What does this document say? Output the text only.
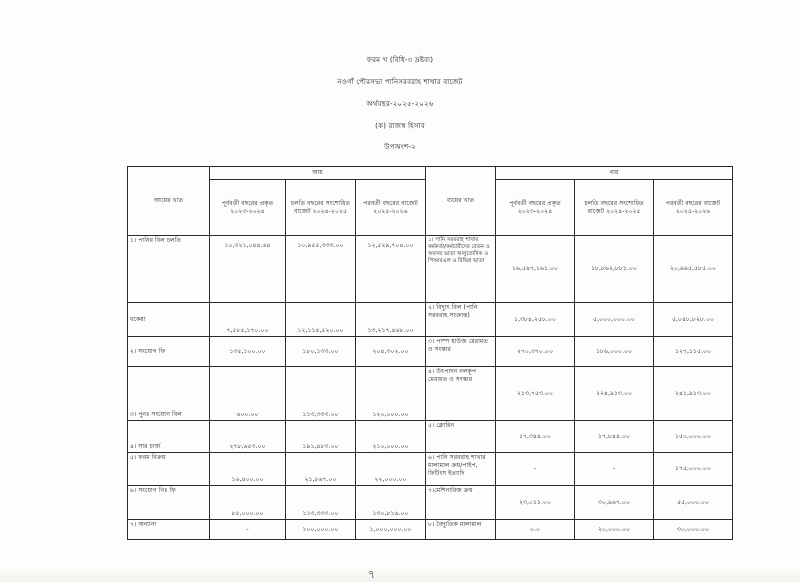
ফরম খ (বিধি-৩ দ্রষ্টব্য)
নওগাঁ পৌরসভা পানিসরবরাহ শাখার বাজেট
অর্থবছর-২০২৫-২০২৬
(ক) রাজস্ব হিসাব
উপঅংশ-২
আয়ের খাত	আয়			ব্যয়ের খাত	ব্যয়		
	পূর্ববর্তী বছরের প্রকৃত ২০২৩-২০২৪	চলতি বছরের সংশোধিত বাজেট ২০২৪-২০২৫	পরবর্তী বছরের বাজেট ২০২৫-২০২৬		পূর্ববর্তী বছরের প্রকৃত ২০২৩-২০২৪	চলতি বছরের সংশোধিত বাজেট ২০২৪-২০২৫	পরবর্তী বছরের বাজেট ২০২৫-২০২৬
১। পানির বিল চলতি	১০,৩২১,০৪৪.৬৪	১০,৯৫৫,৩৩৩.০০	১২,৫২৯,৭০৪.০০	১। পানি সরবরাহ শাখার কর্মকর্তা/কর্মচারীদের বেতন ও অবসর ভাতা আনুতোষিক ও পিআরএল ও বিভিন্ন ভাতা	১৬,৫৯৭,১৬১.০০	১৮,৮৬২,৮৮১.০০	২০,৯৯৫,৫৮৫.০০
বকেয়া	৭,৫৮৫,১৭০.০০	১২,১১৫,৫২০.০০	১৩,২১৭,৪৬৮.০০	২। বিদ্যুৎ বিল (পানি সরবরাহ সংক্রান্ত)	১,৩৮৪,২৫৮.০০	৫,০০০,০০০.০০	৫,০৪৮,৮২৮.০০
২। সংযোগ ফি	১৩৫,১০০.০০	১৮০,১৩৩.০০	২০৪,৩০২.০০	৩। পাম্প হাউজ মেরামত ও সংস্কার	২৭০,৩৭০.০০	১৮৬,০০০.০০	১২৭,১১৫.০০
৩। পুনঃ সংযোগ বিল	৬০০.০০	১১৩,৩৩৩.০০	১২০,০০০.০০	৪। উৎপাদন নলকূপ মেরামত ও সংস্কার	২১৩,৭৫৩.০০	২২৪,৯১৩.০০	২৪১,৯১৩.০০
৪। সার চার্জ	২৭৮,৬৫৩.০০	১৯১,৪৮৩.০০	২১০,০০০.০০	৫। ক্লোরিন	১৭,৩৪৪.০০	১৭,৮৪৪.০০	১৫০,০০০.০০
৫। ফরম বিক্রয়	১৬,৪০০.০০	২১,৮৬৭.০০	২২,০০০.০০	৬। পানি সরবরাহ শাখার মালামাল ক্রয়/পাইপ, ফিটিংস ইত্যাদি	-	-	১৭৫,০০০.০০
৬। সংযোগ নিঃ ফি	৮৫,০০০.০০	১১৩,৩৩৩.০০	১৩০,৮১৬.০০	৭।মেশিনারিজ ক্রয়	২৩,০১১.০০	৩০,৯৬৭.০০	৫৫,০০০.০০
৭। অন্যান্য	-	১০০,০০০.০০	১,০০০,০০০.০০	৮। বৈদ্যুতিক মালামাল	০.০	২০,০০০.০০	৩০,০০০.০০
৭
